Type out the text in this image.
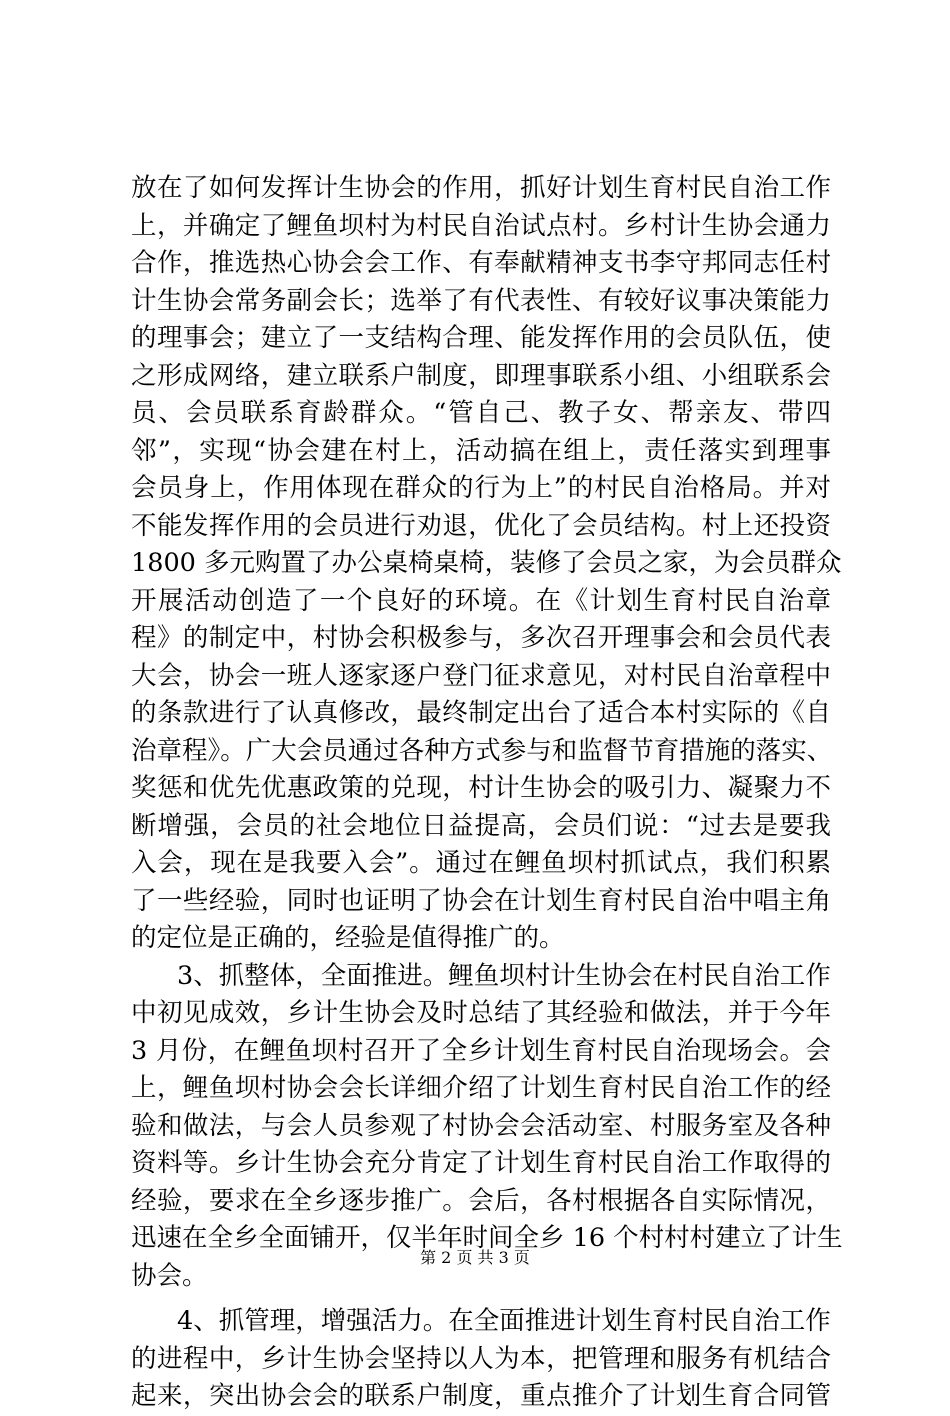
放在了如何发挥计生协会的作用，抓好计划生育村民自治工作
上，并确定了鲤鱼坝村为村民自治试点村。乡村计生协会通力
合作，推选热心协会会工作、有奉献精神支书李守邦同志任村
计生协会常务副会长；选举了有代表性、有较好议事决策能力
的理事会；建立了一支结构合理、能发挥作用的会员队伍，使
之形成网络，建立联系户制度，即理事联系小组、小组联系会
员、会员联系育龄群众。“管自己、教子女、帮亲友、带四
邻”，实现“协会建在村上，活动搞在组上，责任落实到理事
会员身上，作用体现在群众的行为上”的村民自治格局。并对
不能发挥作用的会员进行劝退，优化了会员结构。村上还投资
1800 多元购置了办公桌椅桌椅，装修了会员之家，为会员群众
开展活动创造了一个良好的环境。在《计划生育村民自治章
程》的制定中，村协会积极参与，多次召开理事会和会员代表
大会，协会一班人逐家逐户登门征求意见，对村民自治章程中
的条款进行了认真修改，最终制定出台了适合本村实际的《自
治章程》。广大会员通过各种方式参与和监督节育措施的落实、
奖惩和优先优惠政策的兑现，村计生协会的吸引力、凝聚力不
断增强，会员的社会地位日益提高，会员们说：“过去是要我
入会，现在是我要入会”。通过在鲤鱼坝村抓试点，我们积累
了一些经验，同时也证明了协会在计划生育村民自治中唱主角
的定位是正确的，经验是值得推广的。
3、抓整体，全面推进。鲤鱼坝村计生协会在村民自治工作
中初见成效，乡计生协会及时总结了其经验和做法，并于今年
3 月份，在鲤鱼坝村召开了全乡计划生育村民自治现场会。会
上，鲤鱼坝村协会会长详细介绍了计划生育村民自治工作的经
验和做法，与会人员参观了村协会会活动室、村服务室及各种
资料等。乡计生协会充分肯定了计划生育村民自治工作取得的
经验，要求在全乡逐步推广。会后，各村根据各自实际情况，
迅速在全乡全面铺开，仅半年时间全乡 16 个村村村建立了计生
协会。
4、抓管理，增强活力。在全面推进计划生育村民自治工作
的进程中，乡计生协会坚持以人为本，把管理和服务有机结合
起来，突出协会会的联系户制度，重点推介了计划生育合同管
第 2 页 共 3 页
